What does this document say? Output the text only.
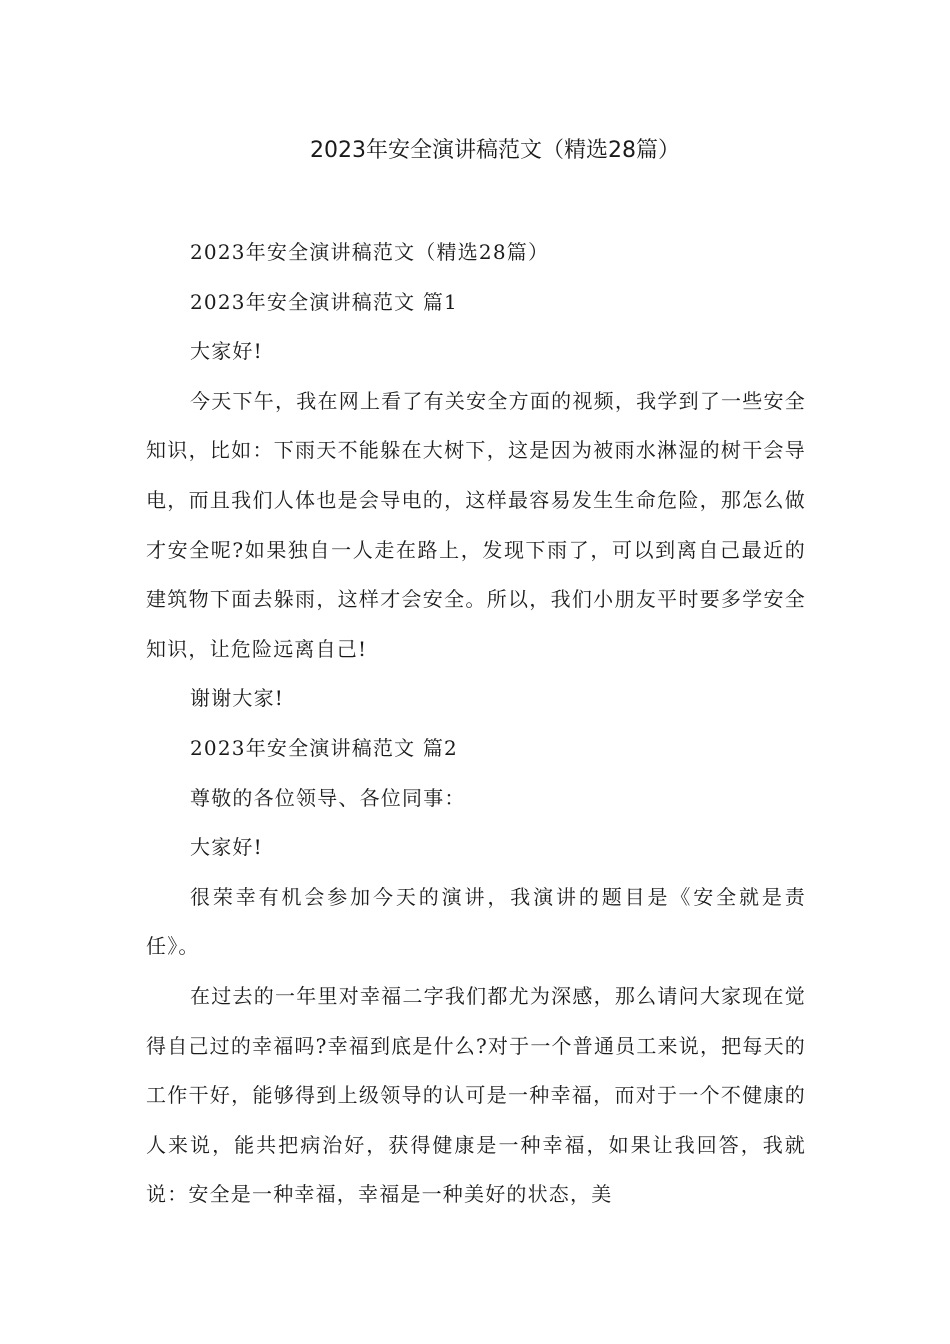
2023年安全演讲稿范文（精选28篇）

2023年安全演讲稿范文（精选28篇）

2023年安全演讲稿范文 篇1

大家好!

今天下午，我在网上看了有关安全方面的视频，我学到了一些安全知识，比如：下雨天不能躲在大树下，这是因为被雨水淋湿的树干会导电，而且我们人体也是会导电的，这样最容易发生生命危险，那怎么做才安全呢?如果独自一人走在路上，发现下雨了，可以到离自己最近的建筑物下面去躲雨，这样才会安全。所以，我们小朋友平时要多学安全知识，让危险远离自己!

谢谢大家!

2023年安全演讲稿范文 篇2

尊敬的各位领导、各位同事：

大家好!

很荣幸有机会参加今天的演讲，我演讲的题目是《安全就是责任》。

在过去的一年里对幸福二字我们都尤为深感，那么请问大家现在觉得自己过的幸福吗?幸福到底是什么?对于一个普通员工来说，把每天的工作干好，能够得到上级领导的认可是一种幸福，而对于一个不健康的人来说，能共把病治好，获得健康是一种幸福，如果让我回答，我就说：安全是一种幸福，幸福是一种美好的状态，美
